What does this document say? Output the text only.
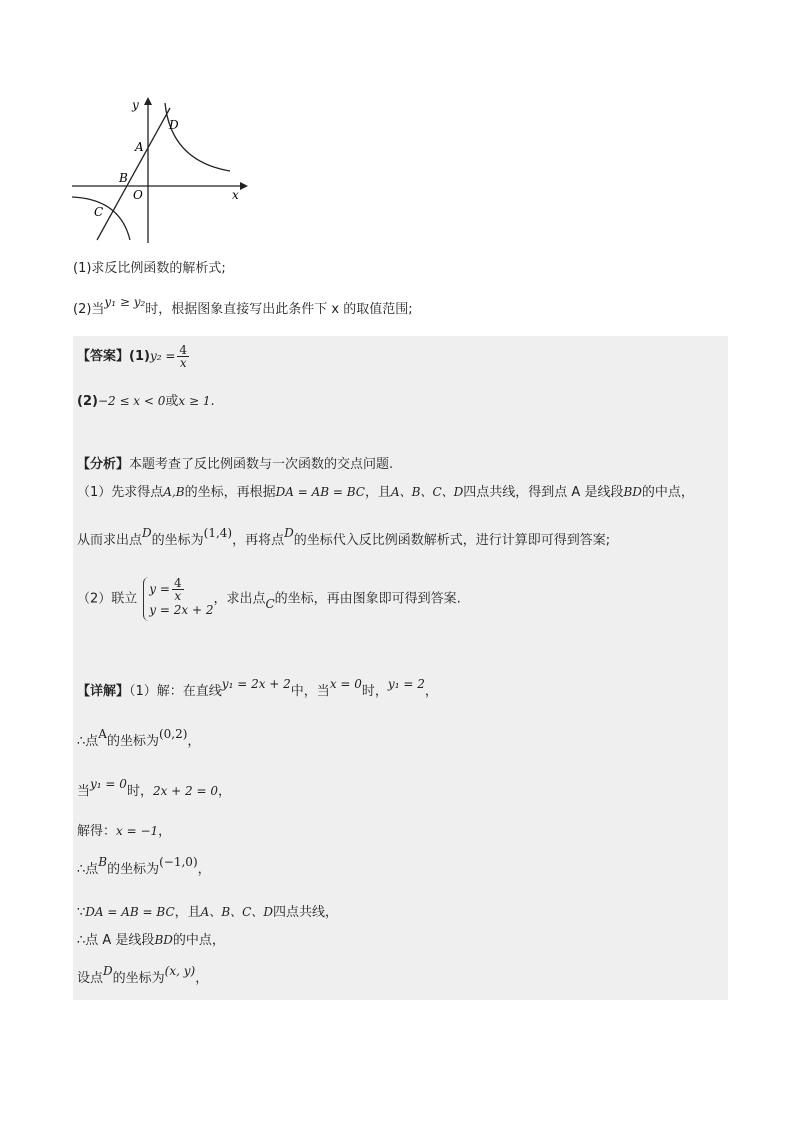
y
x
O
A
B
C
D
(1)求反比例函数的解析式;
(2)当y₁ ≥ y₂时，根据图象直接写出此条件下 x 的取值范围;
【答案】$(1)y_2 = \frac{4}{x}$
(2)−2 ≤ x < 0或x ≥ 1.
【分析】本题考查了反比例函数与一次函数的交点问题.
（1）先求得点A,B的坐标，再根据DA = AB = BC，且A、B、C、D四点共线，得到点 A 是线段BD的中点，
从而求出点D的坐标为(1,4)，再将点D的坐标代入反比例函数解析式，进行计算即可得到答案;
（2）联立
$y = \frac{4}{x}$
y = 2x + 2
，求出点C的坐标，再由图象即可得到答案.
【详解】（1）解：在直线y₁ = 2x + 2中，当x = 0时，y₁ = 2，
∴点A的坐标为(0,2)，
当y₁ = 0时，2x + 2 = 0，
解得：x = −1，
∴点B的坐标为(−1,0)，
∵DA = AB = BC，且A、B、C、D四点共线，
∴点 A 是线段BD的中点，
设点D的坐标为(x, y)，
